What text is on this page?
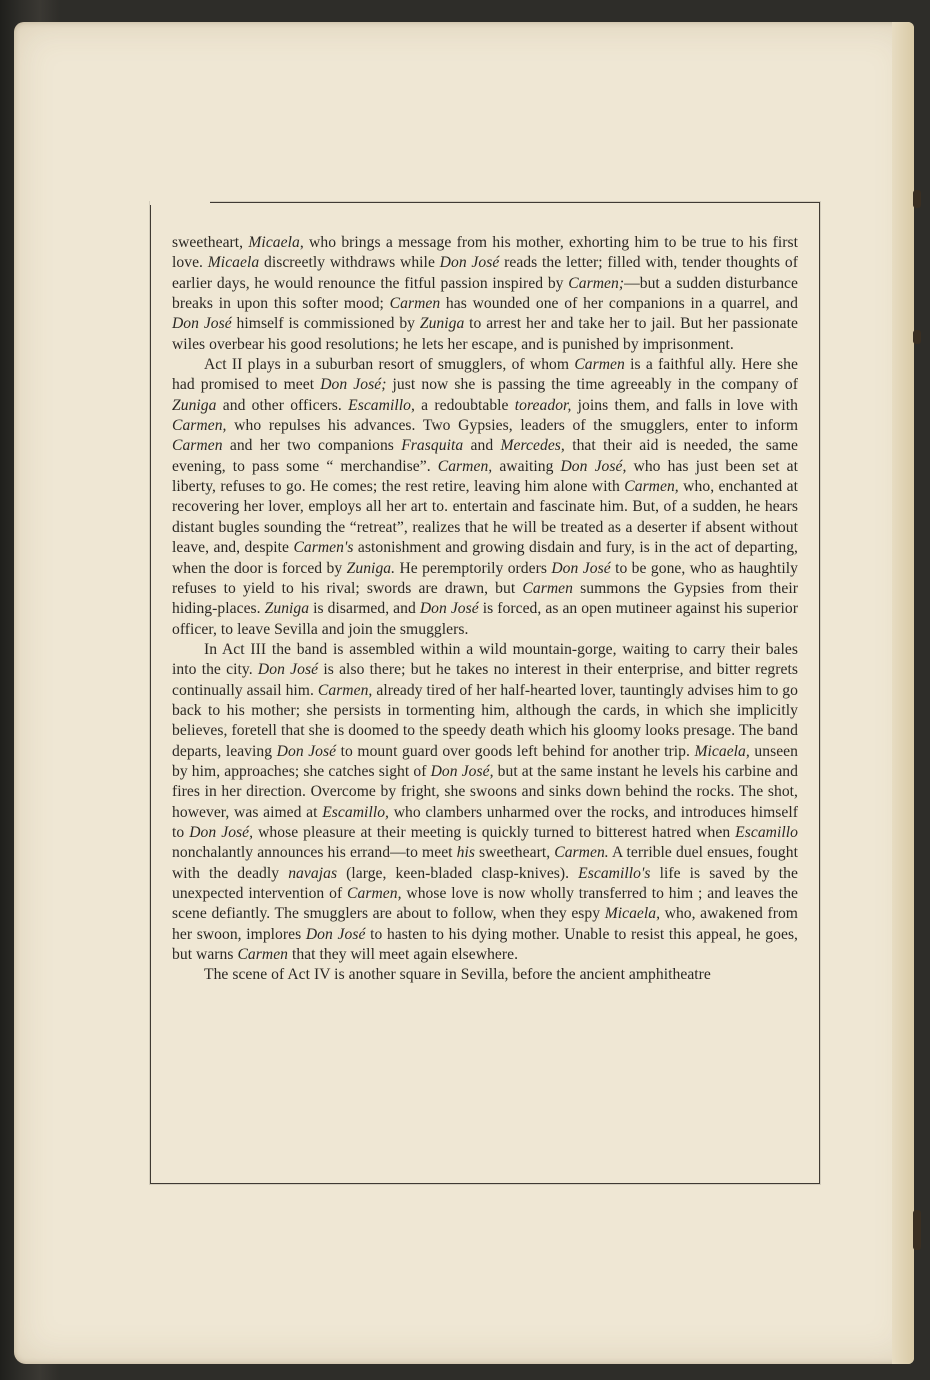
sweetheart, Micaela, who brings a message from his mother, exhorting him to be true to his first love. Micaela discreetly withdraws while Don José reads the letter; filled with, tender thoughts of earlier days, he would renounce the fitful passion inspired by Carmen;—but a sudden disturbance breaks in upon this softer mood; Carmen has wounded one of her companions in a quarrel, and Don José himself is commissioned by Zuniga to arrest her and take her to jail. But her passionate wiles overbear his good resolutions; he lets her escape, and is punished by imprisonment.

Act II plays in a suburban resort of smugglers, of whom Carmen is a faithful ally. Here she had promised to meet Don José; just now she is passing the time agreeably in the company of Zuniga and other officers. Escamillo, a redoubtable toreador, joins them, and falls in love with Carmen, who repulses his advances. Two Gypsies, leaders of the smugglers, enter to inform Carmen and her two companions Frasquita and Mercedes, that their aid is needed, the same evening, to pass some “ merchandise”. Carmen, awaiting Don José, who has just been set at liberty, refuses to go. He comes; the rest retire, leaving him alone with Carmen, who, enchanted at recovering her lover, employs all her art to. entertain and fascinate him. But, of a sudden, he hears distant bugles sounding the “retreat”, realizes that he will be treated as a deserter if absent without leave, and, despite Carmen's astonishment and growing disdain and fury, is in the act of departing, when the door is forced by Zuniga. He peremptorily orders Don José to be gone, who as haughtily refuses to yield to his rival; swords are drawn, but Carmen summons the Gypsies from their hiding-places. Zuniga is disarmed, and Don José is forced, as an open mutineer against his superior officer, to leave Sevilla and join the smugglers.

In Act III the band is assembled within a wild mountain-gorge, waiting to carry their bales into the city. Don José is also there; but he takes no interest in their enterprise, and bitter regrets continually assail him. Carmen, already tired of her half-hearted lover, tauntingly advises him to go back to his mother; she persists in tormenting him, although the cards, in which she implicitly believes, foretell that she is doomed to the speedy death which his gloomy looks presage. The band departs, leaving Don José to mount guard over goods left behind for another trip. Micaela, unseen by him, approaches; she catches sight of Don José, but at the same instant he levels his carbine and fires in her direction. Overcome by fright, she swoons and sinks down behind the rocks. The shot, however, was aimed at Escamillo, who clambers unharmed over the rocks, and introduces himself to Don José, whose pleasure at their meeting is quickly turned to bitterest hatred when Escamillo nonchalantly announces his errand—to meet his sweetheart, Carmen. A terrible duel ensues, fought with the deadly navajas (large, keen-bladed clasp-knives). Escamillo's life is saved by the unexpected intervention of Carmen, whose love is now wholly transferred to him ; and leaves the scene defiantly. The smugglers are about to follow, when they espy Micaela, who, awakened from her swoon, implores Don José to hasten to his dying mother. Unable to resist this appeal, he goes, but warns Carmen that they will meet again elsewhere.

The scene of Act IV is another square in Sevilla, before the ancient amphitheatre
